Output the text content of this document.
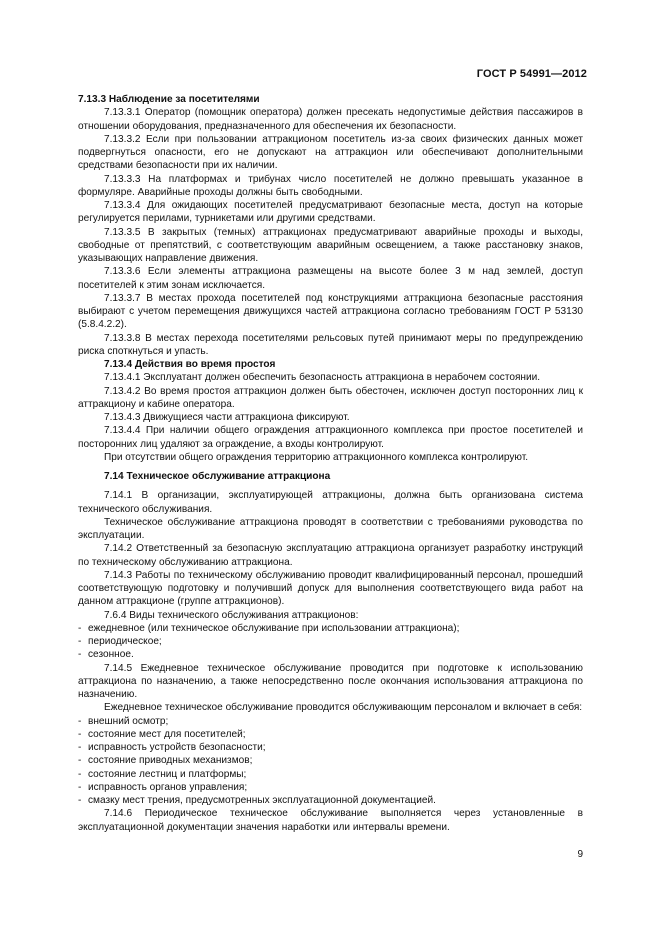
ГОСТ Р 54991—2012

7.13.3 Наблюдение за посетителями

7.13.3.1 Оператор (помощник оператора) должен пресекать недопустимые действия пассажиров в отношении оборудования, предназначенного для обеспечения их безопасности.

7.13.3.2 Если при пользовании аттракционом посетитель из-за своих физических данных может подвергнуться опасности, его не допускают на аттракцион или обеспечивают дополнительными средствами безопасности при их наличии.

7.13.3.3 На платформах и трибунах число посетителей не должно превышать указанное в формуляре. Аварийные проходы должны быть свободными.

7.13.3.4 Для ожидающих посетителей предусматривают безопасные места, доступ на которые регулируется перилами, турникетами или другими средствами.

7.13.3.5 В закрытых (темных) аттракционах предусматривают аварийные проходы и выходы, свободные от препятствий, с соответствующим аварийным освещением, а также расстановку знаков, указывающих направление движения.

7.13.3.6 Если элементы аттракциона размещены на высоте более 3 м над землей, доступ посетителей к этим зонам исключается.

7.13.3.7 В местах прохода посетителей под конструкциями аттракциона безопасные расстояния выбирают с учетом перемещения движущихся частей аттракциона согласно требованиям ГОСТ Р 53130 (5.8.4.2.2).

7.13.3.8 В местах перехода посетителями рельсовых путей принимают меры по предупреждению риска споткнуться и упасть.

7.13.4 Действия во время простоя

7.13.4.1 Эксплуатант должен обеспечить безопасность аттракциона в нерабочем состоянии.

7.13.4.2 Во время простоя аттракцион должен быть обесточен, исключен доступ посторонних лиц к аттракциону и кабине оператора.

7.13.4.3 Движущиеся части аттракциона фиксируют.

7.13.4.4 При наличии общего ограждения аттракционного комплекса при простое посетителей и посторонних лиц удаляют за ограждение, а входы контролируют.

При отсутствии общего ограждения территорию аттракционного комплекса контролируют.

7.14 Техническое обслуживание аттракциона

7.14.1 В организации, эксплуатирующей аттракционы, должна быть организована система технического обслуживания.

Техническое обслуживание аттракциона проводят в соответствии с требованиями руководства по эксплуатации.

7.14.2 Ответственный за безопасную эксплуатацию аттракциона организует разработку инструкций по техническому обслуживанию аттракциона.

7.14.3 Работы по техническому обслуживанию проводит квалифицированный персонал, прошедший соответствующую подготовку и получивший допуск для выполнения соответствующего вида работ на данном аттракционе (группе аттракционов).

7.6.4 Виды технического обслуживания аттракционов:

- ежедневное (или техническое обслуживание при использовании аттракциона);

- периодическое;

- сезонное.

7.14.5 Ежедневное техническое обслуживание проводится при подготовке к использованию аттракциона по назначению, а также непосредственно после окончания использования аттракциона по назначению.

Ежедневное техническое обслуживание проводится обслуживающим персоналом и включает в себя:

- внешний осмотр;

- состояние мест для посетителей;

- исправность устройств безопасности;

- состояние приводных механизмов;

- состояние лестниц и платформы;

- исправность органов управления;

- смазку мест трения, предусмотренных эксплуатационной документацией.

7.14.6 Периодическое техническое обслуживание выполняется через установленные в эксплуатационной документации значения наработки или интервалы времени.

9
